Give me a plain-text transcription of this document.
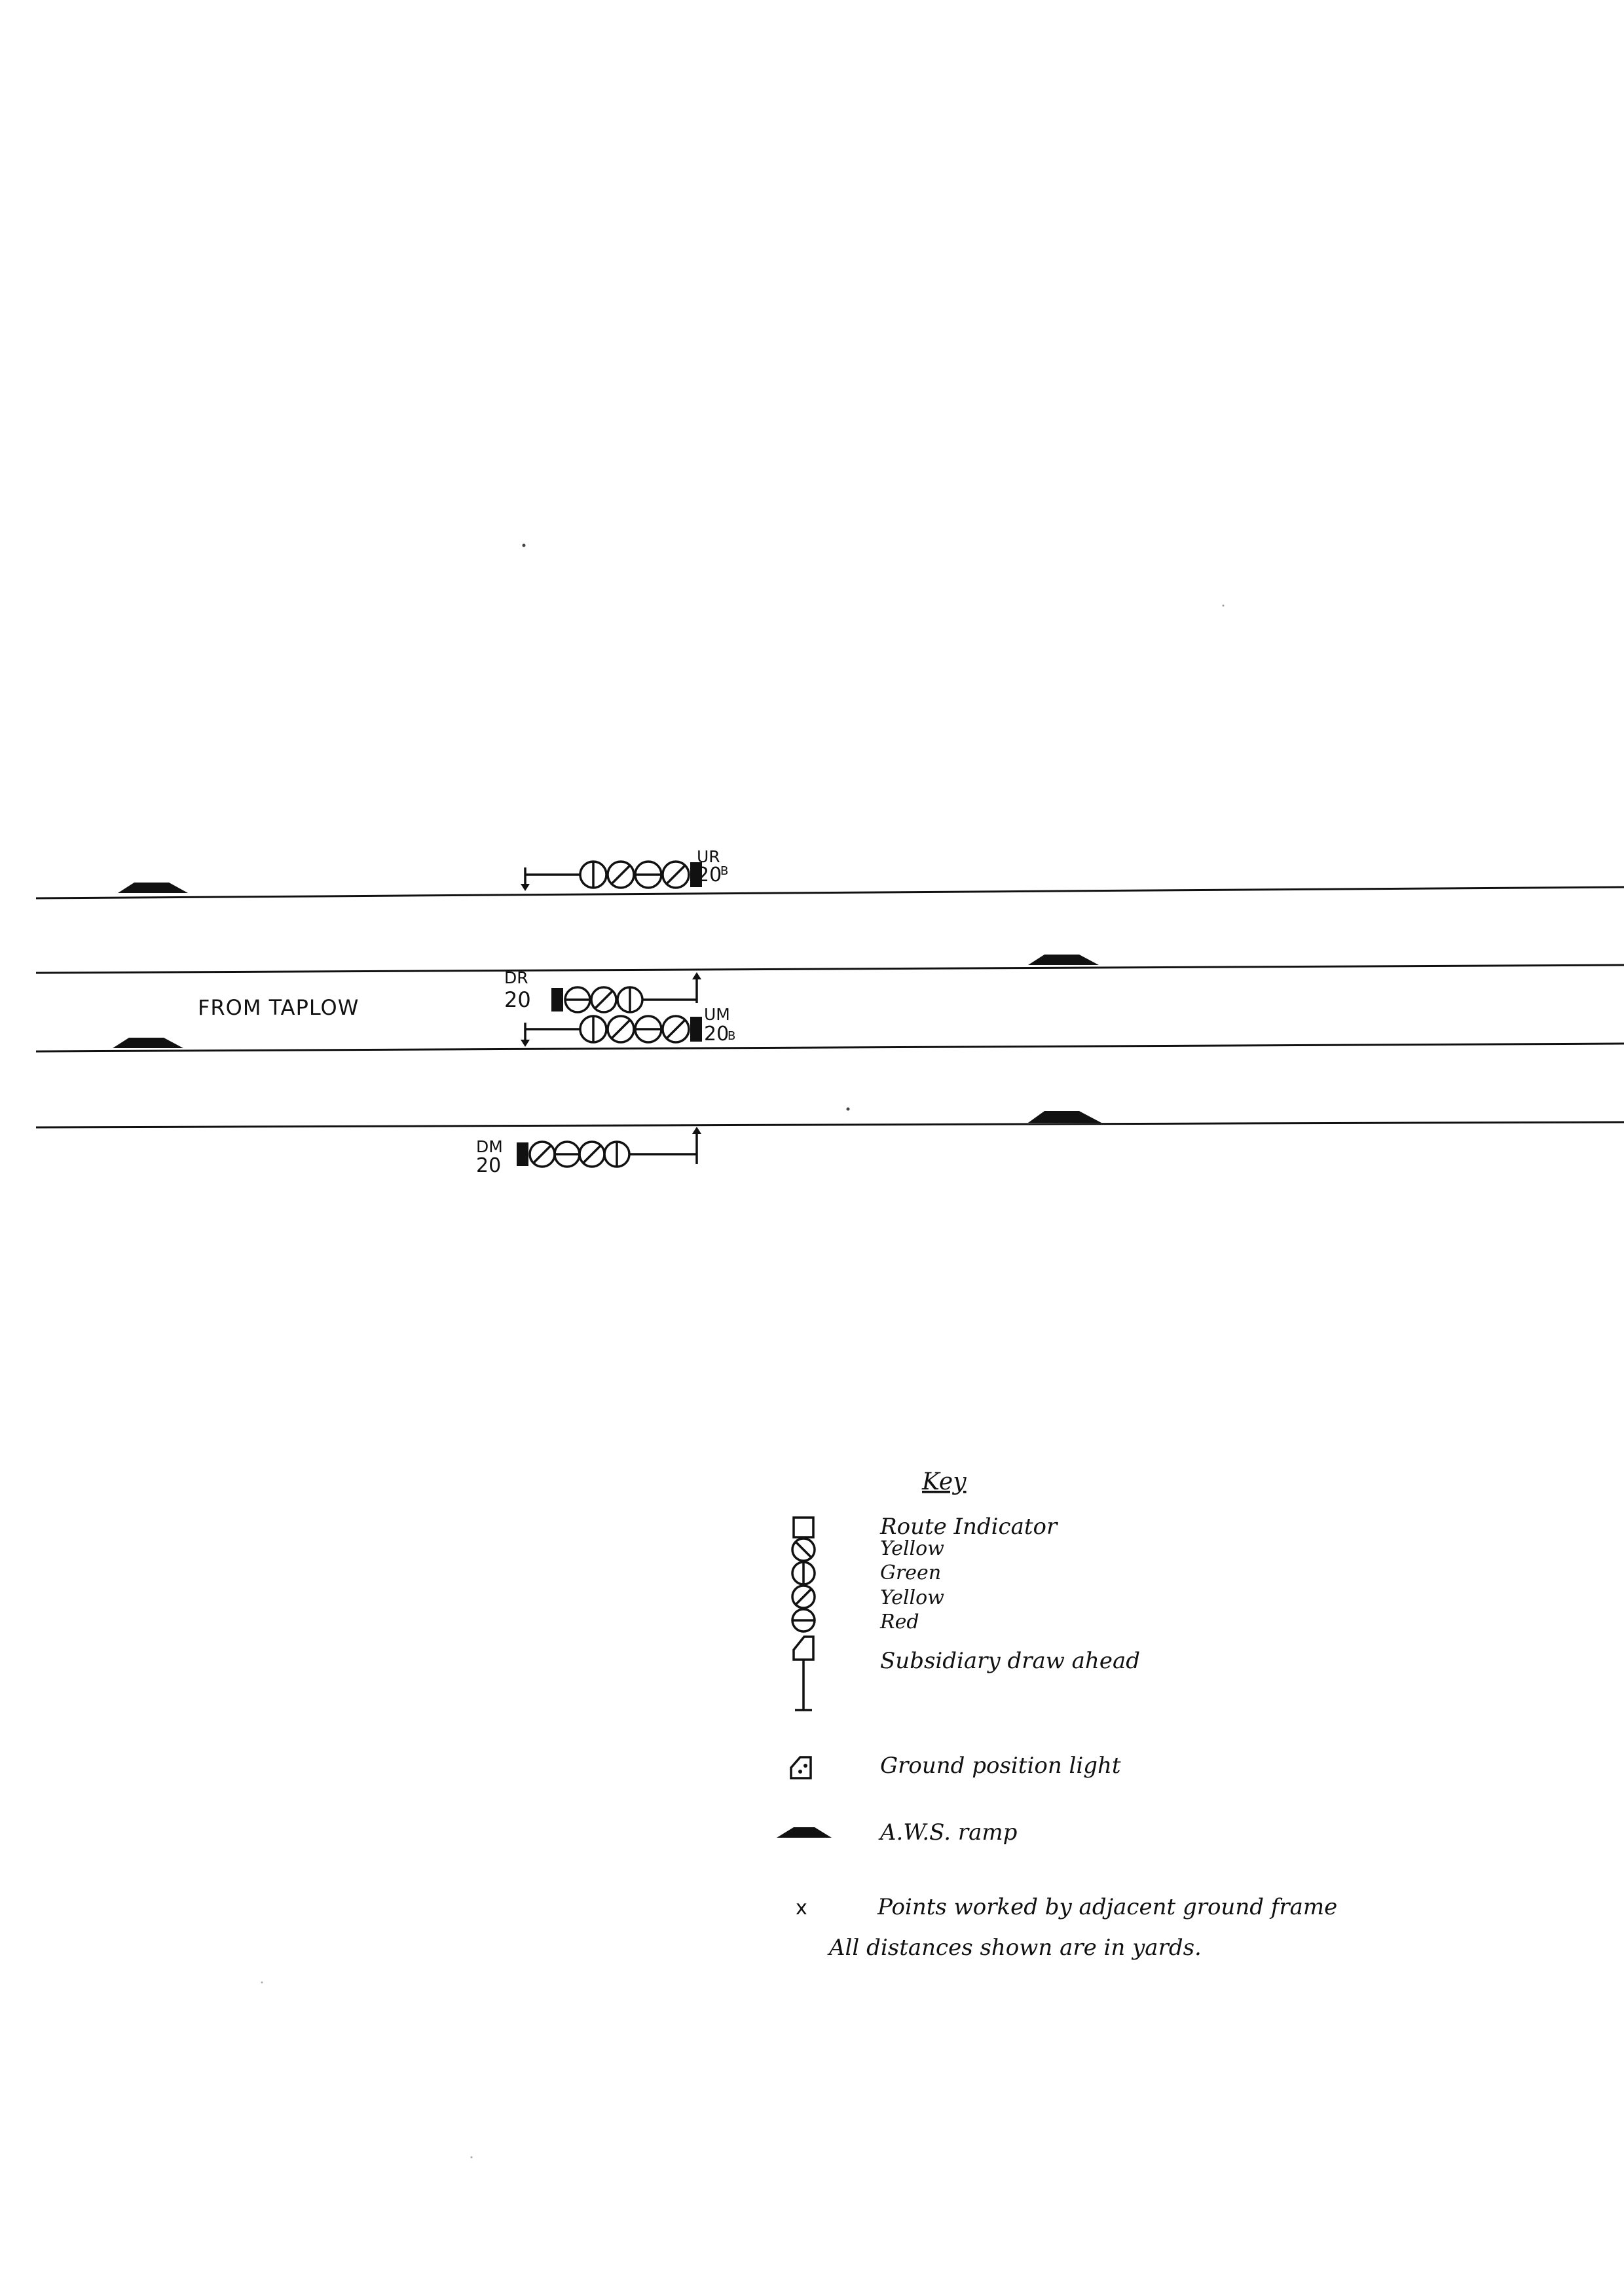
FROM TAPLOW
UR
20
B
DR
20
UM
20
B
DM
20
Key
Route Indicator
Yellow
Green
Yellow
Red
Subsidiary draw ahead
Ground position light
A.W.S. ramp
x	Points worked by adjacent ground frame
All distances shown are in yards.
